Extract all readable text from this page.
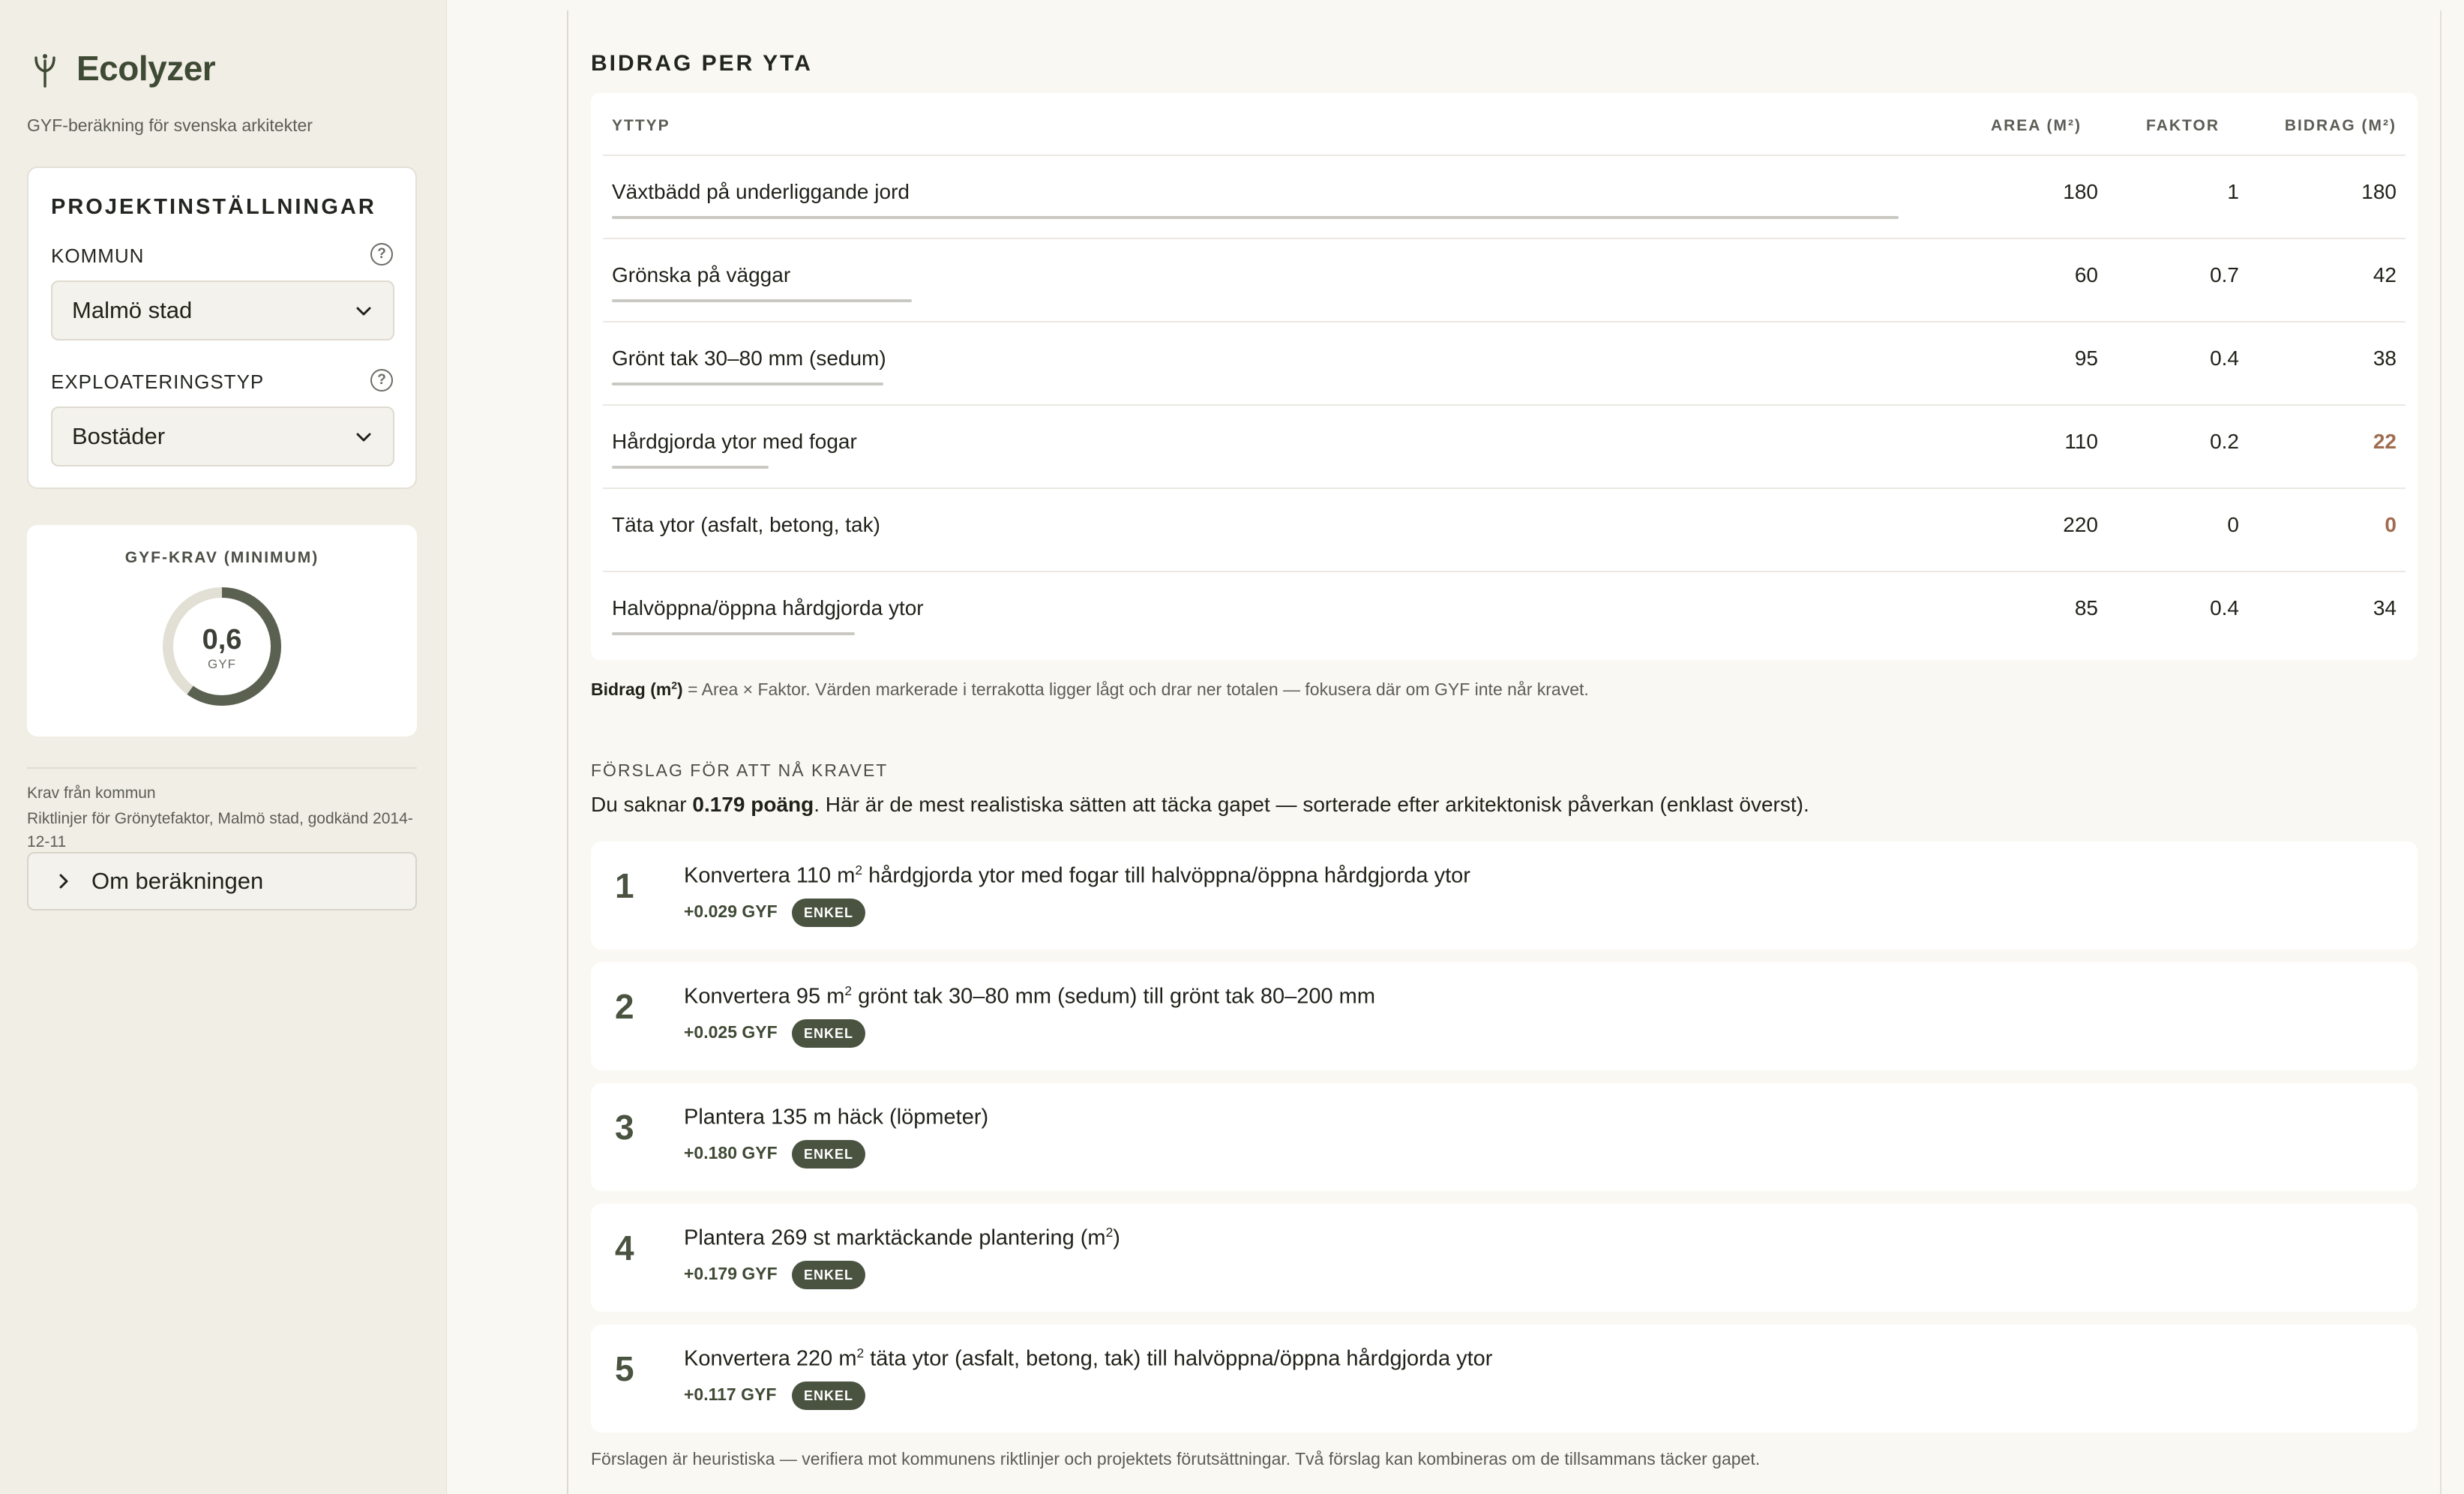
Ecolyzer
GYF-beräkning för svenska arkitekter
PROJEKTINSTÄLLNINGAR
KOMMUN	?
Malmö stad
EXPLOATERINGSTYP	?
Bostäder
GYF-KRAV (MINIMUM)
0,6
GYF
Krav från kommun
Riktlinjer för Grönytefaktor, Malmö stad, godkänd 2014-12-11
Om beräkningen
BIDRAG PER YTA
YTTYP	AREA (M²)	FAKTOR	BIDRAG (M²)
Växtbädd på underliggande jord	180	1	180
Grönska på väggar	60	0.7	42
Grönt tak 30–80 mm (sedum)	95	0.4	38
Hårdgjorda ytor med fogar	110	0.2	22
Täta ytor (asfalt, betong, tak)	220	0	0
Halvöppna/öppna hårdgjorda ytor	85	0.4	34
Bidrag $(m^2)$ = Area × Faktor. Värden markerade i terrakotta ligger lågt och drar ner totalen — fokusera där om GYF inte når kravet.
FÖRSLAG FÖR ATT NÅ KRAVET
Du saknar 0.179 poäng. Här är de mest realistiska sätten att täcka gapet — sorterade efter arkitektonisk påverkan (enklast överst).
1 Konvertera 110 $m^2$ hårdgjorda ytor med fogar till halvöppna/öppna hårdgjorda ytor
+0.029 GYF	ENKEL
2 Konvertera 95 $m^2$ grönt tak 30–80 mm (sedum) till grönt tak 80–200 mm
+0.025 GYF	ENKEL
3 Plantera 135 m häck (löpmeter)
+0.180 GYF	ENKEL
4 Plantera 269 st marktäckande plantering $(m^2)$
+0.179 GYF	ENKEL
5 Konvertera 220 $m^2$ täta ytor (asfalt, betong, tak) till halvöppna/öppna hårdgjorda ytor
+0.117 GYF	ENKEL
Förslagen är heuristiska — verifiera mot kommunens riktlinjer och projektets förutsättningar. Två förslag kan kombineras om de tillsammans täcker gapet.
